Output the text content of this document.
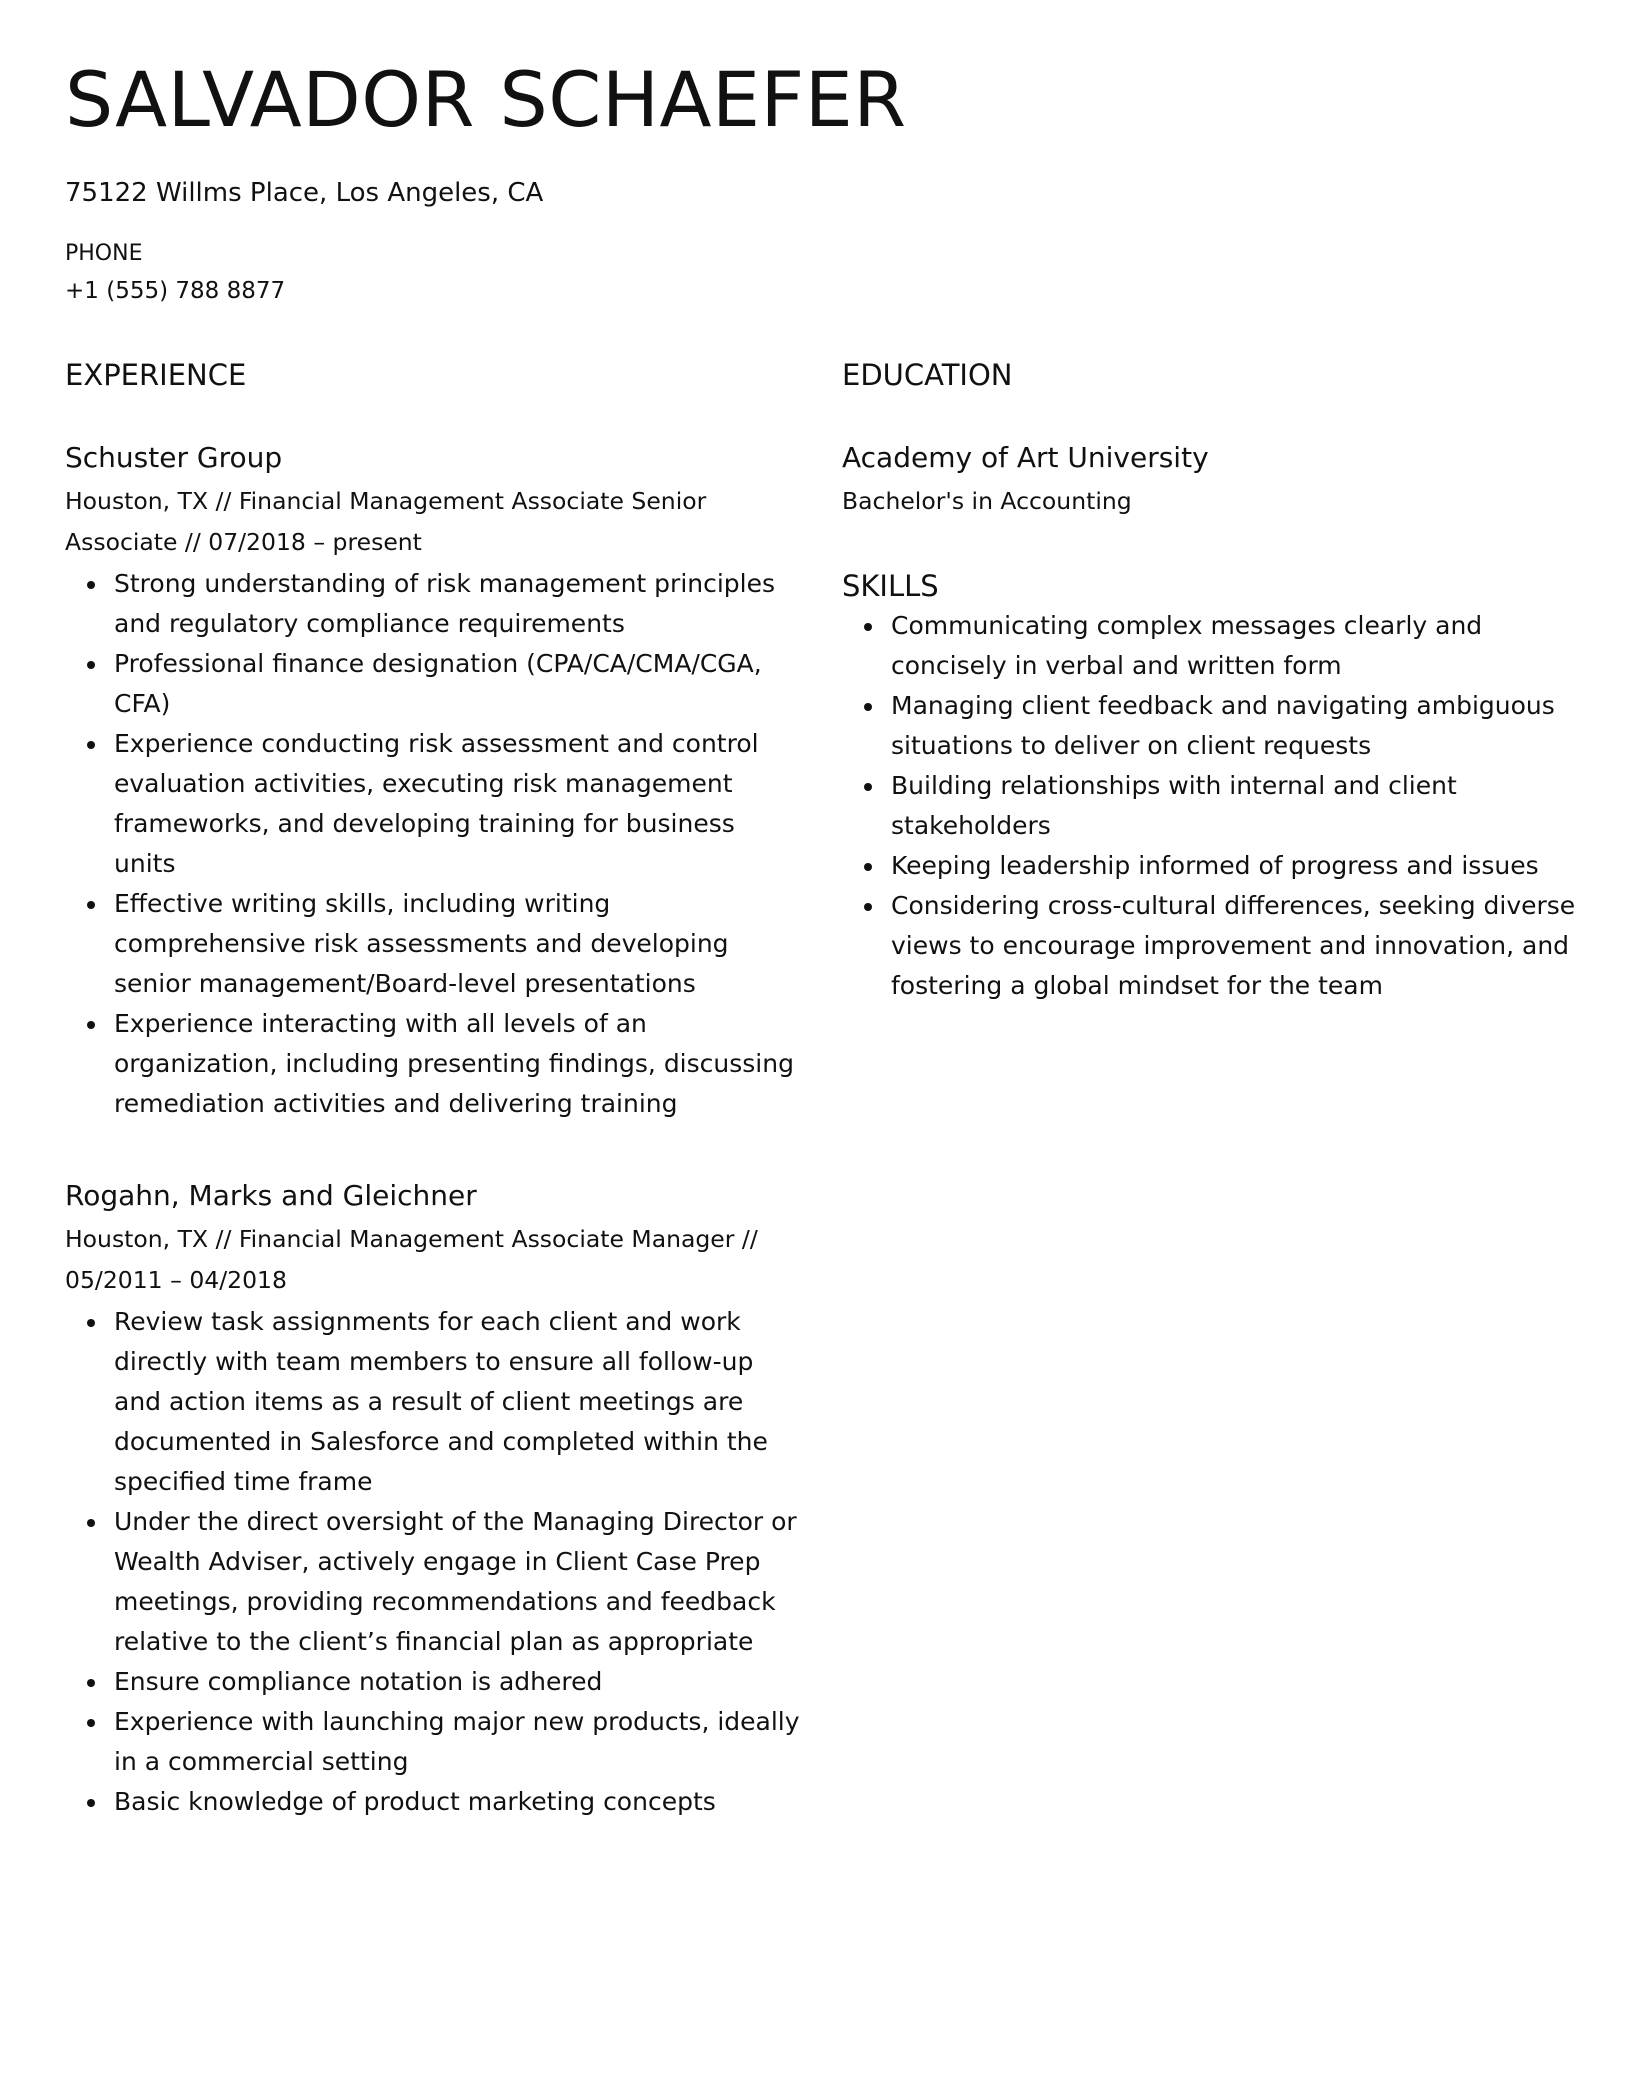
SALVADOR SCHAEFER
75122 Willms Place, Los Angeles, CA
PHONE
+1 (555) 788 8877
EXPERIENCE
Schuster Group

Houston, TX // Financial Management Associate Senior Associate // 07/2018 – present

Strong understanding of risk management principles and regulatory compliance requirements
Professional finance designation (CPA/CA/CMA/CGA, CFA)
Experience conducting risk assessment and control evaluation activities, executing risk management frameworks, and developing training for business units
Effective writing skills, including writing comprehensive risk assessments and developing senior management/Board-level presentations
Experience interacting with all levels of an organization, including presenting findings, discussing remediation activities and delivering training
Rogahn, Marks and Gleichner

Houston, TX // Financial Management Associate Manager // 05/2011 – 04/2018

Review task assignments for each client and work directly with team members to ensure all follow-up and action items as a result of client meetings are documented in Salesforce and completed within the specified time frame
Under the direct oversight of the Managing Director or Wealth Adviser, actively engage in Client Case Prep meetings, providing recommendations and feedback relative to the client’s financial plan as appropriate
Ensure compliance notation is adhered
Experience with launching major new products, ideally in a commercial setting
Basic knowledge of product marketing concepts
EDUCATION
Academy of Art University

Bachelor's in Accounting

SKILLS
Communicating complex messages clearly and concisely in verbal and written form
Managing client feedback and navigating ambiguous situations to deliver on client requests
Building relationships with internal and client stakeholders
Keeping leadership informed of progress and issues
Considering cross-cultural differences, seeking diverse views to encourage improvement and innovation, and fostering a global mindset for the team
